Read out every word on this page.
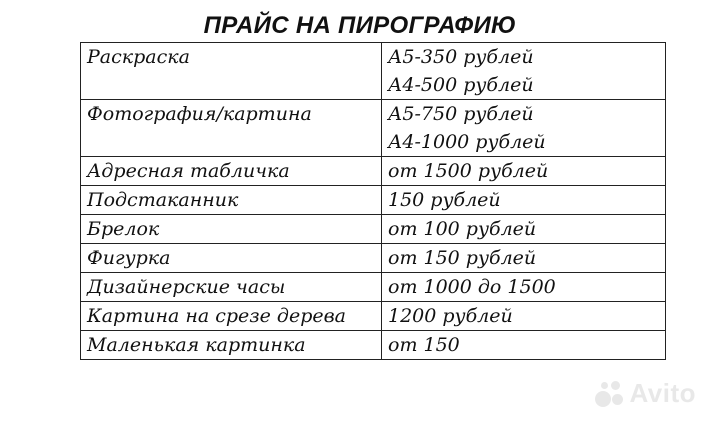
ПРАЙС НА ПИРОГРАФИЮ
Раскраска	А5-350 рублей
А4-500 рублей

Фотография/картина	А5-750 рублей
А4-1000 рублей

Адресная табличка	от 1500 рублей

Подстаканник	150 рублей

Брелок	от 100 рублей

Фигурка	от 150 рублей

Дизайнерские часы	от 1000 до 1500

Картина на срезе дерева	1200 рублей

Маленькая картинка	от 150
Avito
